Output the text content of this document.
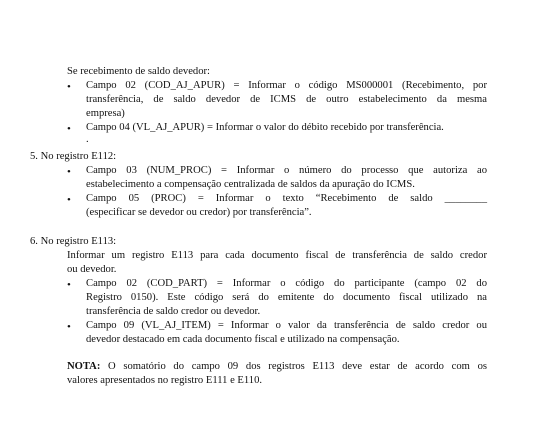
Se recebimento de saldo devedor:
• Campo 02 (COD_AJ_APUR) = Informar o código MS000001 (Recebimento, por
transferência, de saldo devedor de ICMS de outro estabelecimento da mesma
empresa)
• Campo 04 (VL_AJ_APUR) = Informar o valor do débito recebido por transferência.
.
5. No registro E112:
• Campo 03 (NUM_PROC) = Informar o número do processo que autoriza ao
estabelecimento a compensação centralizada de saldos da apuração do ICMS.
• Campo 05 (PROC) = Informar o texto “Recebimento de saldo ________
(especificar se devedor ou credor) por transferência”.
6. No registro E113:
Informar um registro E113 para cada documento fiscal de transferência de saldo credor
ou devedor.
• Campo 02 (COD_PART) = Informar o código do participante (campo 02 do
Registro 0150). Este código será do emitente do documento fiscal utilizado na
transferência de saldo credor ou devedor.
• Campo 09 (VL_AJ_ITEM) = Informar o valor da transferência de saldo credor ou
devedor destacado em cada documento fiscal e utilizado na compensação.
NOTA: O somatório do campo 09 dos registros E113 deve estar de acordo com os
valores apresentados no registro E111 e E110.
